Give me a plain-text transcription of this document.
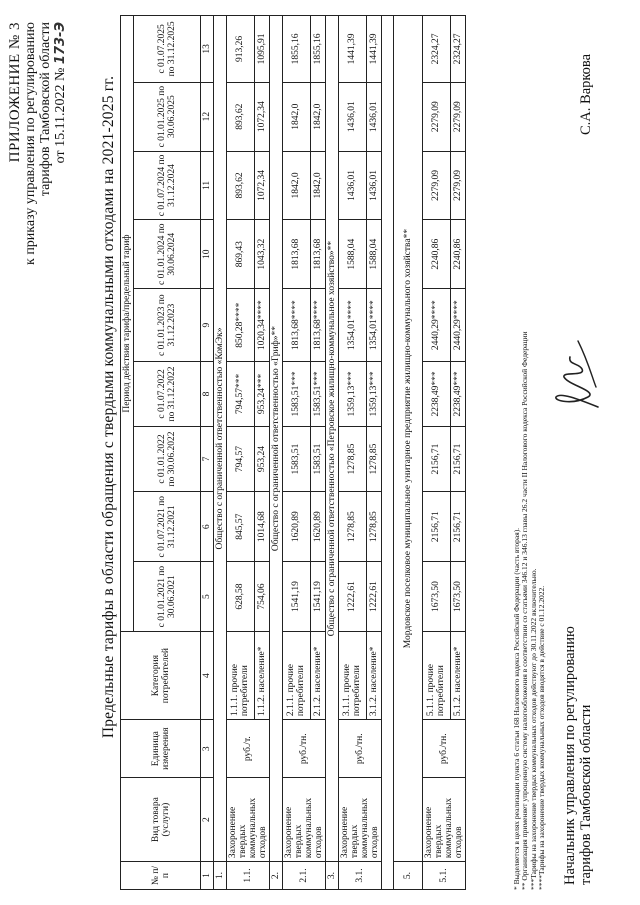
ПРИЛОЖЕНИЕ № 3 к приказу управления по регулированию тарифов Тамбовской области от 15.11.2022 № 173-Э
Предельные тарифы в области обращения с твердыми коммунальными отходами на 2021-2025 гг.
№ п/п	Вид товара (услуги)	Единица измерения	Категория потребителей	Период действия тарифа/предельный тариф								
				с 01.01.2021 по 30.06.2021	с 01.07.2021 по 31.12.2021	с 01.01.2022 по 30.06.2022	с 01.07.2022 по 31.12.2022	с 01.01.2023 по 31.12.2023	с 01.01.2024 по 30.06.2024	с 01.07.2024 по 31.12.2024	с 01.01.2025 по 30.06.2025	с 01.07.2025 по 31.12.2025
1	2	3	4	5	6	7	8	9	10	11	12	13
1.	Общество с ограниченной ответственностью «КомЭк»											
1.1.	Захоронение твердых коммунальных отходов	руб./т.	1.1.1. прочие потребители	628,58	845,57	794,57	794,57***	850,28****	869,43	893,62	893,62	913,26
			1.1.2. население*	754,06	1014,68	953,24	953,24***	1020,34****	1043,32	1072,34	1072,34	1095,91
2.	Общество с ограниченной ответственностью «Гриф»**											
2.1.	Захоронение твердых коммунальных отходов	руб./тн.	2.1.1. прочие потребители	1541,19	1620,89	1583,51	1583,51***	1813,68****	1813,68	1842,0	1842,0	1855,16
			2.1.2. население*	1541,19	1620,89	1583,51	1583,51***	1813,68****	1813,68	1842,0	1842,0	1855,16
3.	Общество с ограниченной ответственностью «Петровское жилищно-коммунальное хозяйство»**											
3.1.	Захоронение твердых коммунальных отходов	руб./тн.	3.1.1. прочие потребители	1222,61	1278,85	1278,85	1359,13***	1354,01****	1588,04	1436,01	1436,01	1441,39
			3.1.2. население*	1222,61	1278,85	1278,85	1359,13***	1354,01****	1588,04	1436,01	1436,01	1441,39

5.	Мордовское поселковое муниципальное унитарное предприятие жилищно-коммунального хозяйства**											
5.1.	Захоронение твердых коммунальных отходов	руб./тн.	5.1.1. прочие потребители	1673,50	2156,71	2156,71	2238,49***	2440,29****	2240,86	2279,09	2279,09	2324,27
			5.1.2. население*	1673,50	2156,71	2156,71	2238,49***	2440,29****	2240,86	2279,09	2279,09	2324,27
* Выделяется в целях реализации пункта 6 статьи 168 Налогового кодекса Российской Федерации (часть вторая). ** Организация применяет упрощенную систему налогообложения в соответствии со статьями 346.12 и 346.13 главы 26.2 части II Налогового кодекса Российской Федерации ***Тарифы на захоронение твердых коммунальных отходов действуют до 30.11.2022 включительно. ****Тарифы на захоронение твердых коммунальных отходов вводятся в действие с 01.12.2022. Начальник управления по регулированию тарифов Тамбовской области
С.А. Варкова
